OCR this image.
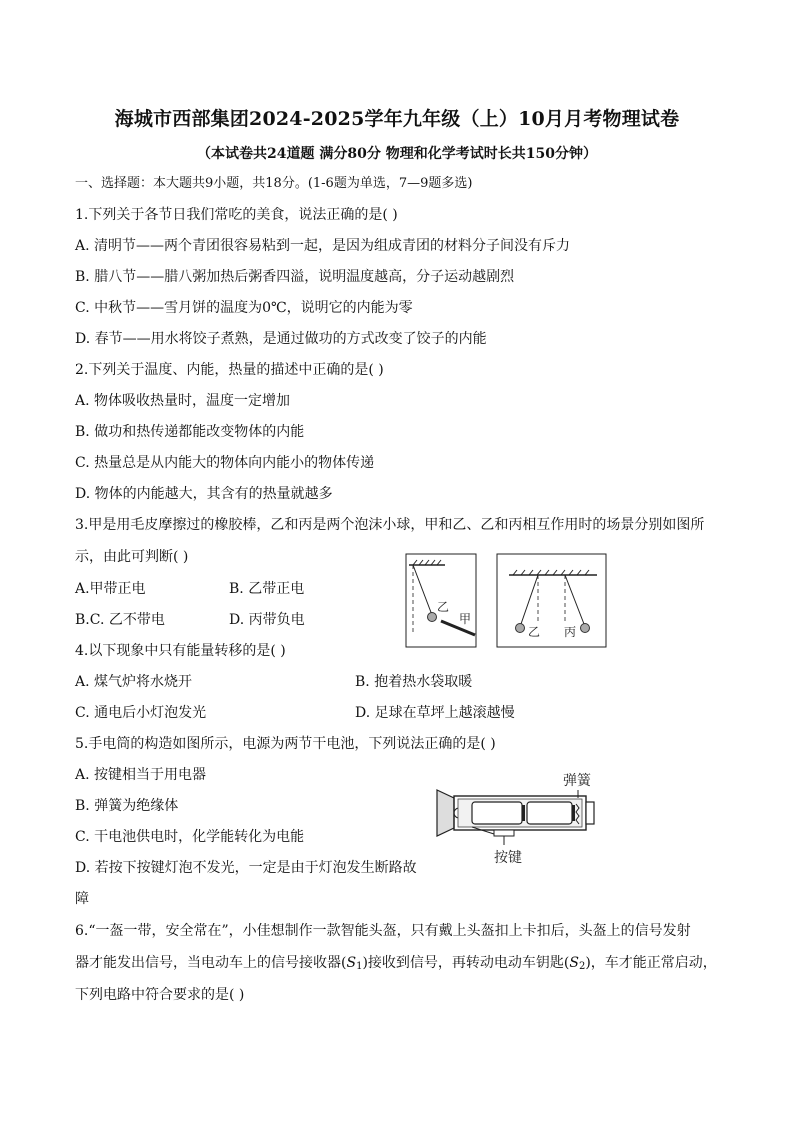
海城市西部集团2024-2025学年九年级（上）10月月考物理试卷
（本试卷共24道题 满分80分 物理和化学考试时长共150分钟）
一、选择题：本大题共9小题，共18分。(1-6题为单选，7—9题多选)
1.下列关于各节日我们常吃的美食，说法正确的是( )
A. 清明节——两个青团很容易粘到一起，是因为组成青团的材料分子间没有斥力
B. 腊八节——腊八粥加热后粥香四溢，说明温度越高，分子运动越剧烈
C. 中秋节——雪月饼的温度为0℃，说明它的内能为零
D. 春节——用水将饺子煮熟，是通过做功的方式改变了饺子的内能
2.下列关于温度、内能，热量的描述中正确的是( )
A. 物体吸收热量时，温度一定增加
B. 做功和热传递都能改变物体的内能
C. 热量总是从内能大的物体向内能小的物体传递
D. 物体的内能越大，其含有的热量就越多
3.甲是用毛皮摩擦过的橡胶棒，乙和丙是两个泡沫小球，甲和乙、乙和丙相互作用时的场景分别如图所
示，由此可判断( )
A.甲带正电	B. 乙带正电
B.C. 乙不带电	D. 丙带负电
乙
甲
乙 丙
4.以下现象中只有能量转移的是( )
A. 煤气炉将水烧开	B. 抱着热水袋取暖
C. 通电后小灯泡发光	D. 足球在草坪上越滚越慢
5.手电筒的构造如图所示，电源为两节干电池，下列说法正确的是( )
A. 按键相当于用电器
B. 弹簧为绝缘体
C. 干电池供电时，化学能转化为电能
D. 若按下按键灯泡不发光，一定是由于灯泡发生断路故
障
弹簧
按键
6.“一盔一带，安全常在”，小佳想制作一款智能头盔，只有戴上头盔扣上卡扣后，头盔上的信号发射
器才能发出信号，当电动车上的信号接收器$(S_1)$接收到信号，再转动电动车钥匙$(S_2)$，车才能正常启动，
下列电路中符合要求的是( )
